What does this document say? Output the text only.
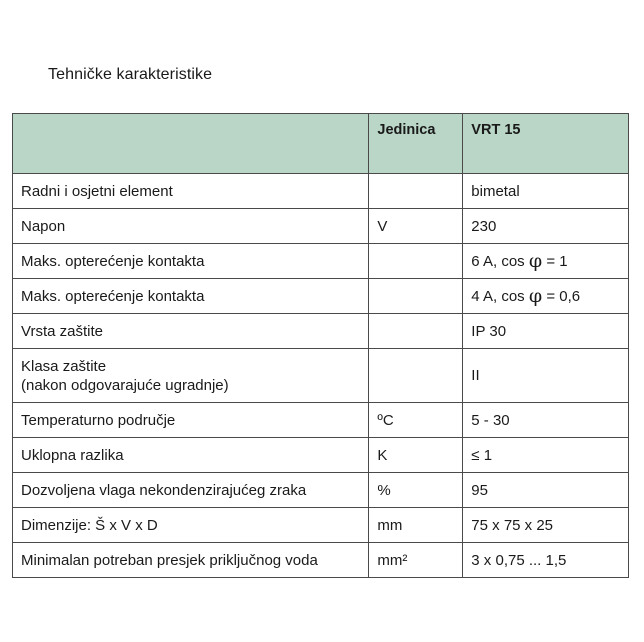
Tehničke karakteristike
	Jedinica	VRT 15

Radni i osjetni element		bimetal

Napon	V	230

Maks. opterećenje kontakta		6 A, cos φ = 1

Maks. opterećenje kontakta		4 A, cos φ = 0,6

Vrsta zaštite		IP 30

Klasa zaštite
(nakon odgovarajuće ugradnje)		II

Temperaturno područje	ºC	5 - 30

Uklopna razlika	K	≤ 1

Dozvoljena vlaga nekondenzirajućeg zraka	%	95

Dimenzije: Š x V x D	mm	75 x 75 x 25

Minimalan potreban presjek priključnog voda	mm²	3 x 0,75 ... 1,5
